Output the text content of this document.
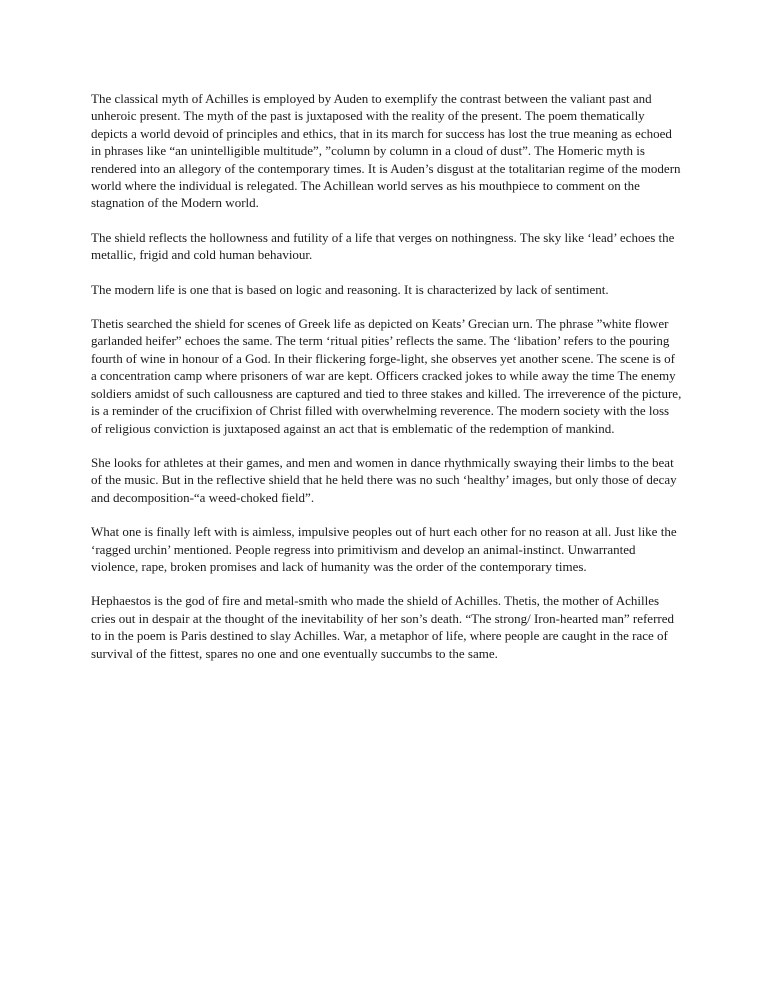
The classical myth of Achilles is employed by Auden to exemplify the contrast between the valiant past and unheroic present. The myth of the past is juxtaposed with the reality of the present. The poem thematically depicts a world devoid of principles and ethics, that in its march for success has lost the true meaning as echoed in phrases like “an unintelligible multitude”, ”column by column in a cloud of dust”. The Homeric myth is rendered into an allegory of the contemporary times. It is Auden’s disgust at the totalitarian regime of the modern world where the individual is relegated. The Achillean world serves as his mouthpiece to comment on the stagnation of the Modern world.

The shield reflects the hollowness and futility of a life that verges on nothingness. The sky like ‘lead’ echoes the metallic, frigid and cold human behaviour.

The modern life is one that is based on logic and reasoning. It is characterized by lack of sentiment.

Thetis searched the shield for scenes of Greek life as depicted on Keats’ Grecian urn. The phrase ”white flower garlanded heifer” echoes the same. The term ‘ritual pities’ reflects the same. The ‘libation’ refers to the pouring fourth of wine in honour of a God. In their flickering forge-light, she observes yet another scene. The scene is of a concentration camp where prisoners of war are kept. Officers cracked jokes to while away the time The enemy soldiers amidst of such callousness are captured and tied to three stakes and killed. The irreverence of the picture, is a reminder of the crucifixion of Christ filled with overwhelming reverence. The modern society with the loss of religious conviction is juxtaposed against an act that is emblematic of the redemption of mankind.

She looks for athletes at their games, and men and women in dance rhythmically swaying their limbs to the beat of the music. But in the reflective shield that he held there was no such ‘healthy’ images, but only those of decay and decomposition-“a weed-choked field”.

What one is finally left with is aimless, impulsive peoples out of hurt each other for no reason at all. Just like the ‘ragged urchin’ mentioned. People regress into primitivism and develop an animal-instinct. Unwarranted violence, rape, broken promises and lack of humanity was the order of the contemporary times.

Hephaestos is the god of fire and metal-smith who made the shield of Achilles. Thetis, the mother of Achilles cries out in despair at the thought of the inevitability of her son’s death. “The strong/ Iron-hearted man” referred to in the poem is Paris destined to slay Achilles. War, a metaphor of life, where people are caught in the race of survival of the fittest, spares no one and one eventually succumbs to the same.
